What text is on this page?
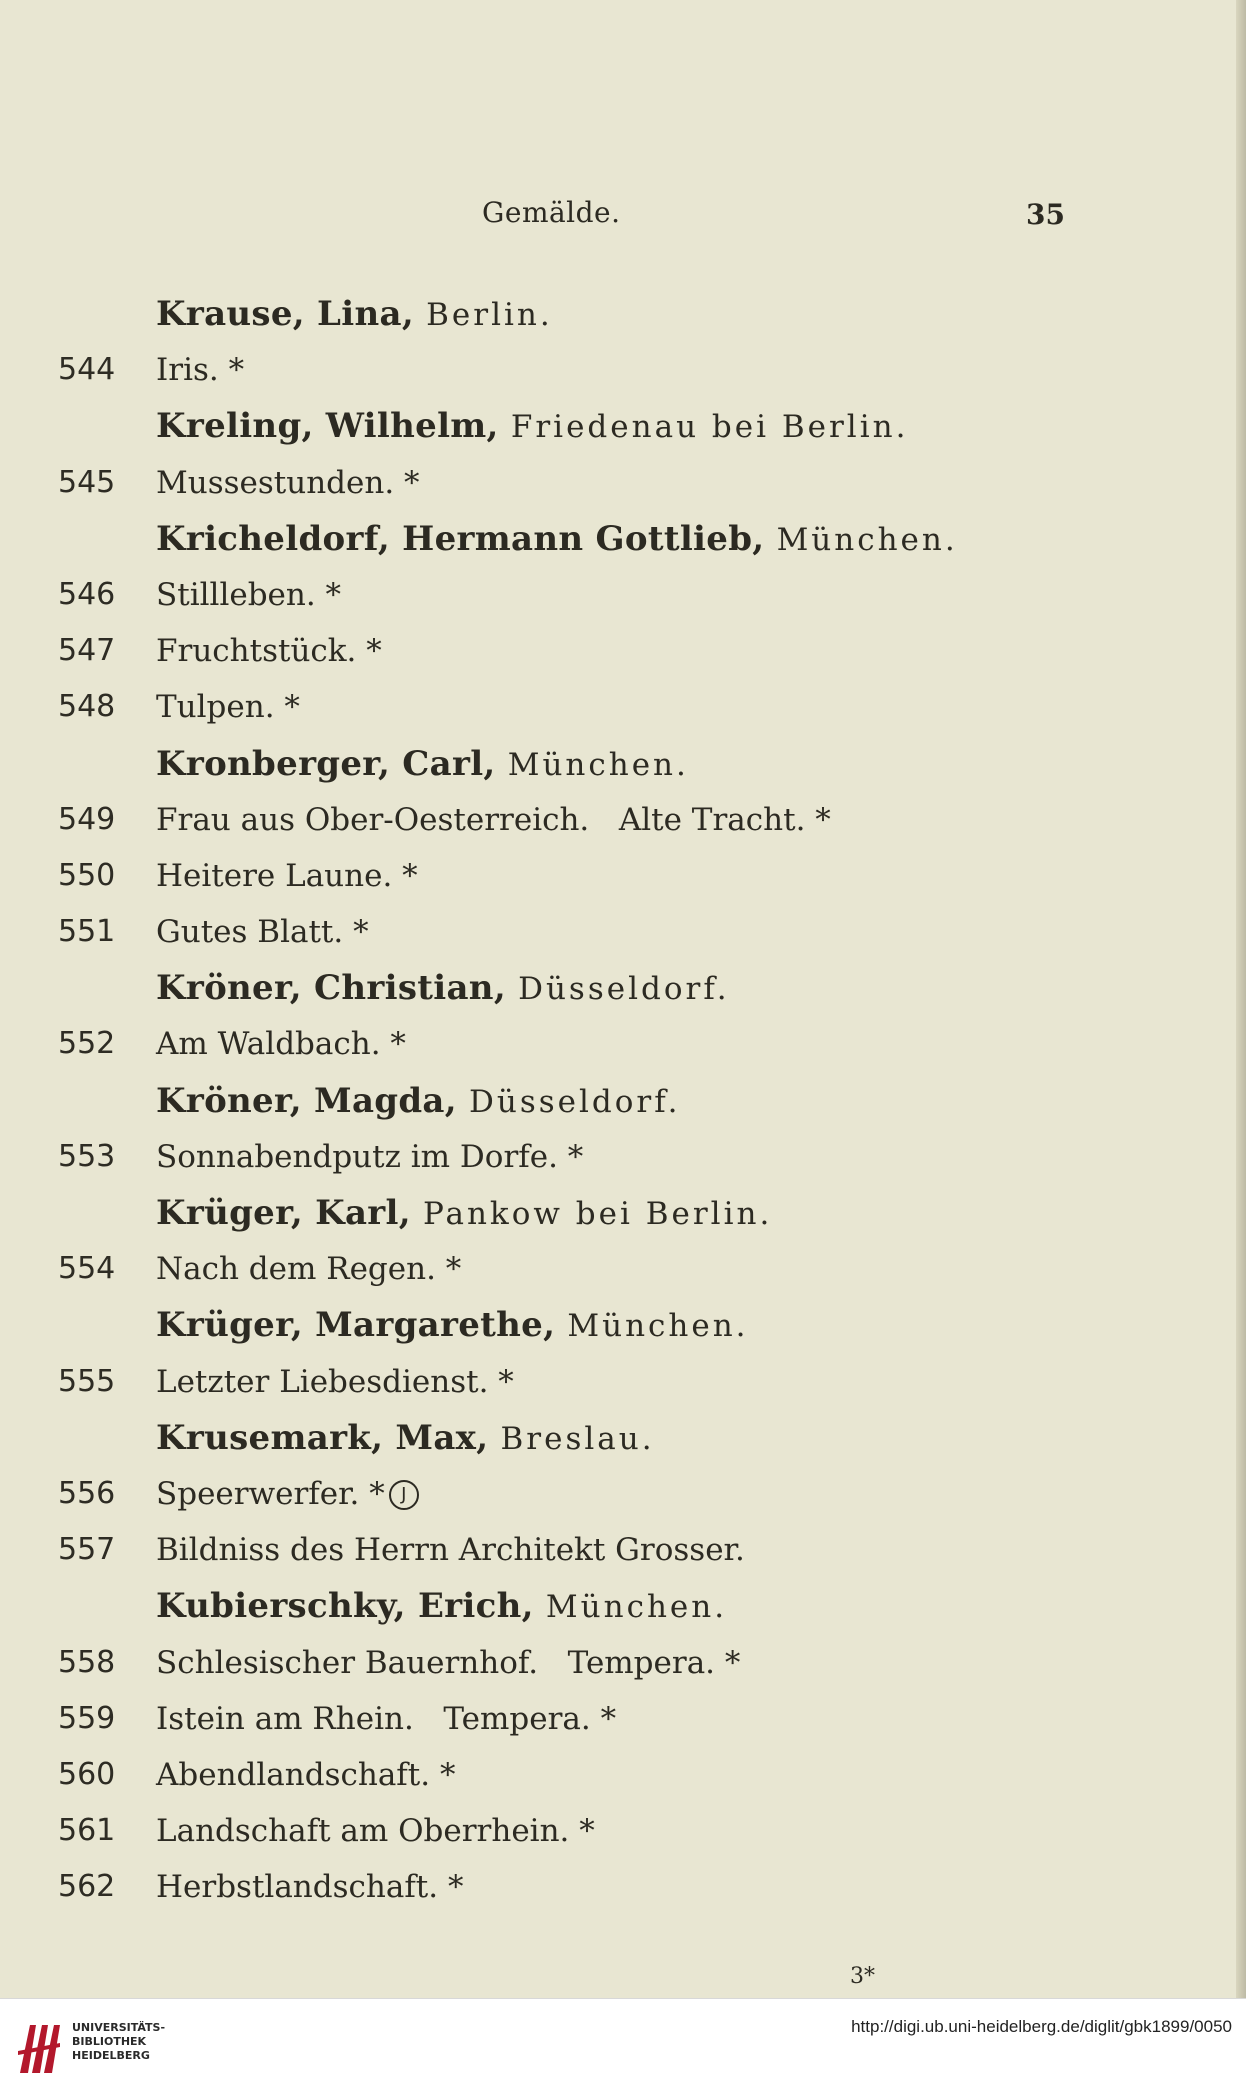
Gemälde.	35
Krause, Lina, Berlin.
544 Iris. *
Kreling, Wilhelm, Friedenau bei Berlin.
545 Mussestunden. *
Kricheldorf, Hermann Gottlieb, München.
546 Stillleben. *
547 Fruchtstück. *
548 Tulpen. *
Kronberger, Carl, München.
549 Frau aus Ober-Oesterreich.   Alte Tracht. *
550 Heitere Laune. *
551 Gutes Blatt. *
Kröner, Christian, Düsseldorf.
552 Am Waldbach. *
Kröner, Magda, Düsseldorf.
553 Sonnabendputz im Dorfe. *
Krüger, Karl, Pankow bei Berlin.
554 Nach dem Regen. *
Krüger, Margarethe, München.
555 Letzter Liebesdienst. *
Krusemark, Max, Breslau.
556 Speerwerfer. * J
557 Bildniss des Herrn Architekt Grosser.
Kubierschky, Erich, München.
558 Schlesischer Bauernhof.   Tempera. *
559 Istein am Rhein.   Tempera. *
560 Abendlandschaft. *
561 Landschaft am Oberrhein. *
562 Herbstlandschaft. *
3*
UNIVERSITÄTS-
BIBLIOTHEK
HEIDELBERG
http://digi.ub.uni-heidelberg.de/diglit/gbk1899/0050
